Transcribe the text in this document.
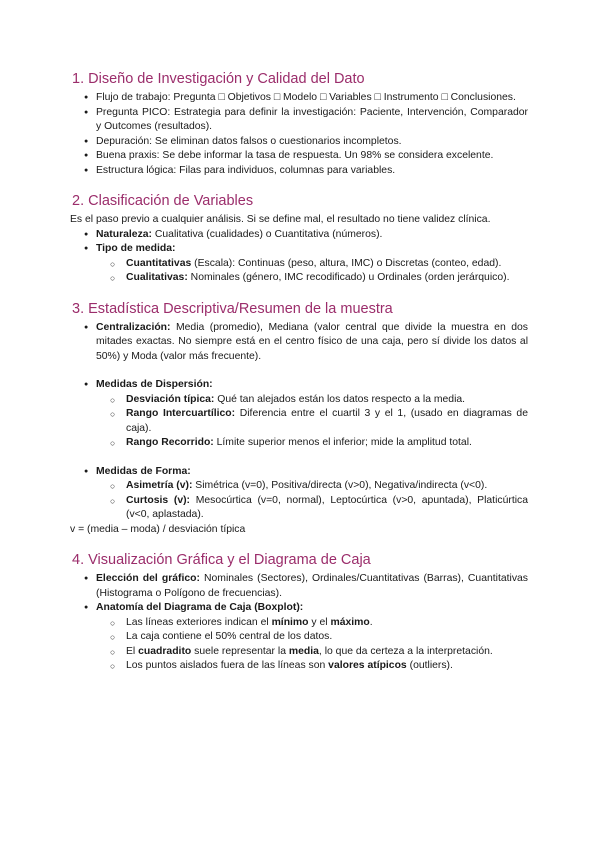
1. Diseño de Investigación y Calidad del Dato
● Flujo de trabajo: Pregunta □ Objetivos □ Modelo □ Variables □ Instrumento □ Conclusiones.
● Pregunta PICO: Estrategia para definir la investigación: Paciente, Intervención, Comparador y Outcomes (resultados).
● Depuración: Se eliminan datos falsos o cuestionarios incompletos.
● Buena praxis: Se debe informar la tasa de respuesta. Un 98% se considera excelente.
● Estructura lógica: Filas para individuos, columnas para variables.
2. Clasificación de Variables

Es el paso previo a cualquier análisis. Si se define mal, el resultado no tiene validez clínica.

● Naturaleza: Cualitativa (cualidades) o Cuantitativa (números).
● Tipo de medida:
○ Cuantitativas (Escala): Continuas (peso, altura, IMC) o Discretas (conteo, edad).
○ Cualitativas: Nominales (género, IMC recodificado) u Ordinales (orden jerárquico).
3. Estadística Descriptiva/Resumen de la muestra
● Centralización: Media (promedio), Mediana (valor central que divide la muestra en dos mitades exactas. No siempre está en el centro físico de una caja, pero sí divide los datos al 50%) y Moda (valor más frecuente).
● Medidas de Dispersión:
○ Desviación típica: Qué tan alejados están los datos respecto a la media.
○ Rango Intercuartílico: Diferencia entre el cuartil 3 y el 1, (usado en diagramas de caja).
○ Rango Recorrido: Límite superior menos el inferior; mide la amplitud total.
● Medidas de Forma:
○ Asimetría (v): Simétrica (v=0), Positiva/directa (v>0), Negativa/indirecta (v<0).
○ Curtosis (v): Mesocúrtica (v=0, normal), Leptocúrtica (v>0, apuntada), Platicúrtica (v<0, aplastada).

v = (media – moda) / desviación típica

4. Visualización Gráfica y el Diagrama de Caja
● Elección del gráfico: Nominales (Sectores), Ordinales/Cuantitativas (Barras), Cuantitativas (Histograma o Polígono de frecuencias).
● Anatomía del Diagrama de Caja (Boxplot):
○ Las líneas exteriores indican el mínimo y el máximo.
○ La caja contiene el 50% central de los datos.
○ El cuadradito suele representar la media, lo que da certeza a la interpretación.
○ Los puntos aislados fuera de las líneas son valores atípicos (outliers).
